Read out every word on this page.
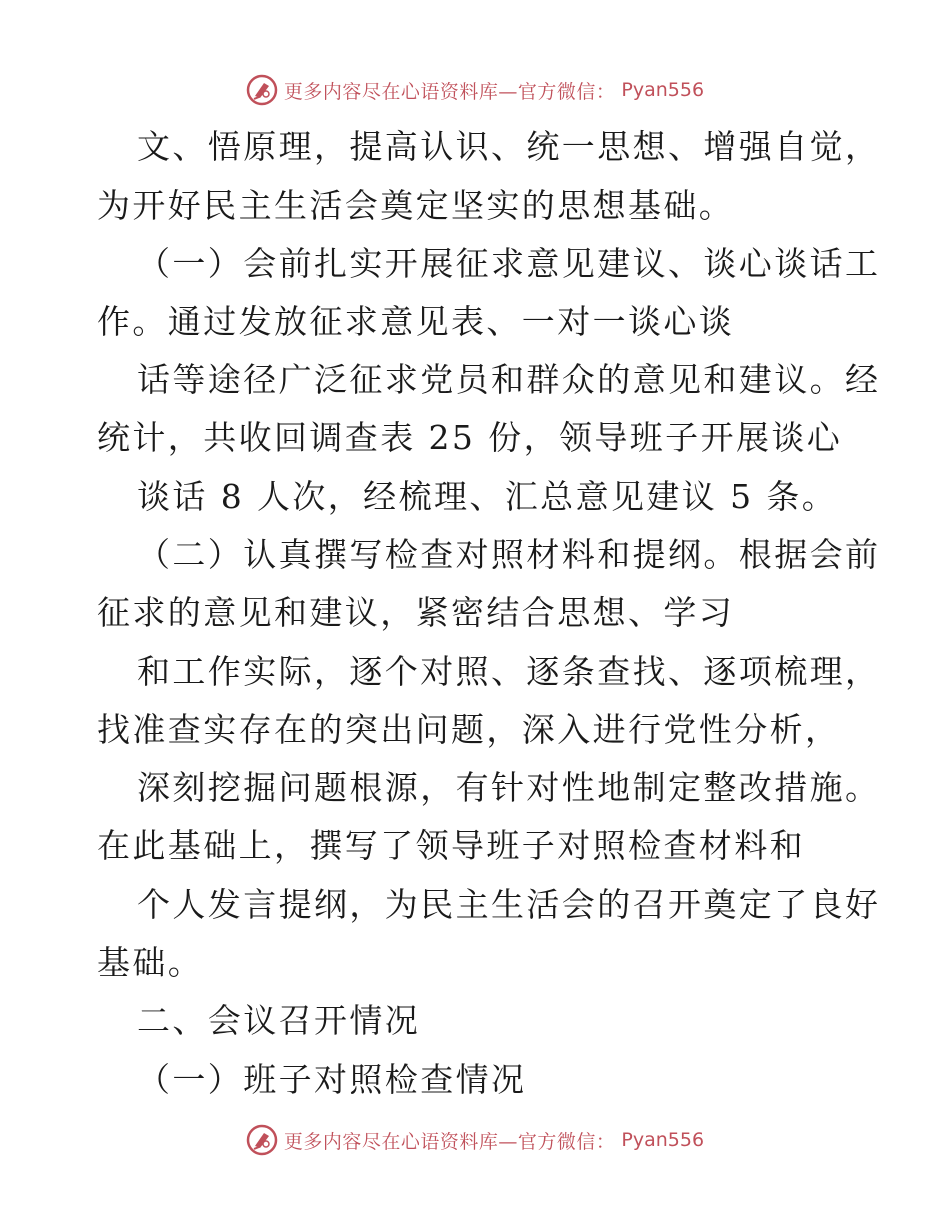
更多内容尽在心语资料库—官方微信： Pyan556
文、悟原理，提高认识、统一思想、增强自觉，
为开好民主生活会奠定坚实的思想基础。
（一）会前扎实开展征求意见建议、谈心谈话工
作。通过发放征求意见表、一对一谈心谈
话等途径广泛征求党员和群众的意见和建议。经
统计，共收回调查表 25 份，领导班子开展谈心
谈话 8 人次，经梳理、汇总意见建议 5 条。
（二）认真撰写检查对照材料和提纲。根据会前
征求的意见和建议，紧密结合思想、学习
和工作实际，逐个对照、逐条查找、逐项梳理，
找准查实存在的突出问题，深入进行党性分析，
深刻挖掘问题根源，有针对性地制定整改措施。
在此基础上，撰写了领导班子对照检查材料和
个人发言提纲，为民主生活会的召开奠定了良好
基础。
二、会议召开情况
（一）班子对照检查情况
更多内容尽在心语资料库—官方微信： Pyan556
